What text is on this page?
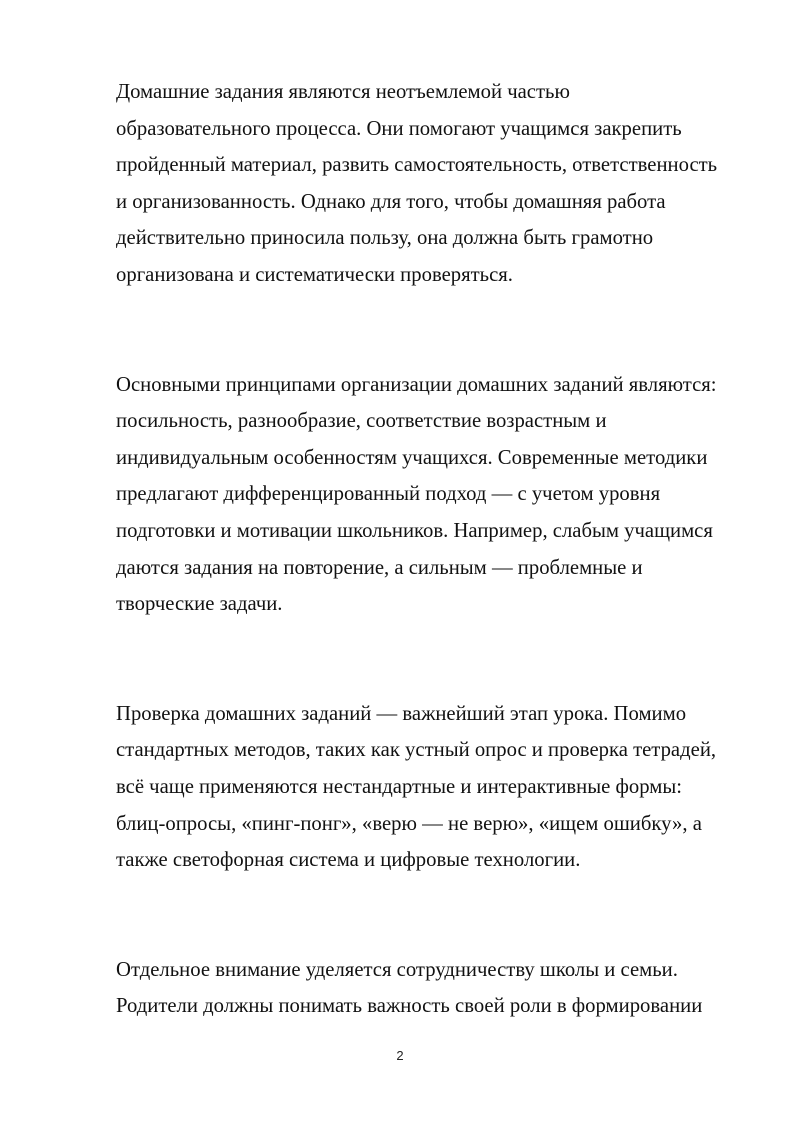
Домашние задания являются неотъемлемой частью
образовательного процесса. Они помогают учащимся закрепить
пройденный материал, развить самостоятельность, ответственность
и организованность. Однако для того, чтобы домашняя работа
действительно приносила пользу, она должна быть грамотно
организована и систематически проверяться.

Основными принципами организации домашних заданий являются:
посильность, разнообразие, соответствие возрастным и
индивидуальным особенностям учащихся. Современные методики
предлагают дифференцированный подход — с учетом уровня
подготовки и мотивации школьников. Например, слабым учащимся
даются задания на повторение, а сильным — проблемные и
творческие задачи.

Проверка домашних заданий — важнейший этап урока. Помимо
стандартных методов, таких как устный опрос и проверка тетрадей,
всё чаще применяются нестандартные и интерактивные формы:
блиц-опросы, «пинг-понг», «верю — не верю», «ищем ошибку», а
также светофорная система и цифровые технологии.

Отдельное внимание уделяется сотрудничеству школы и семьи.
Родители должны понимать важность своей роли в формировании

2
